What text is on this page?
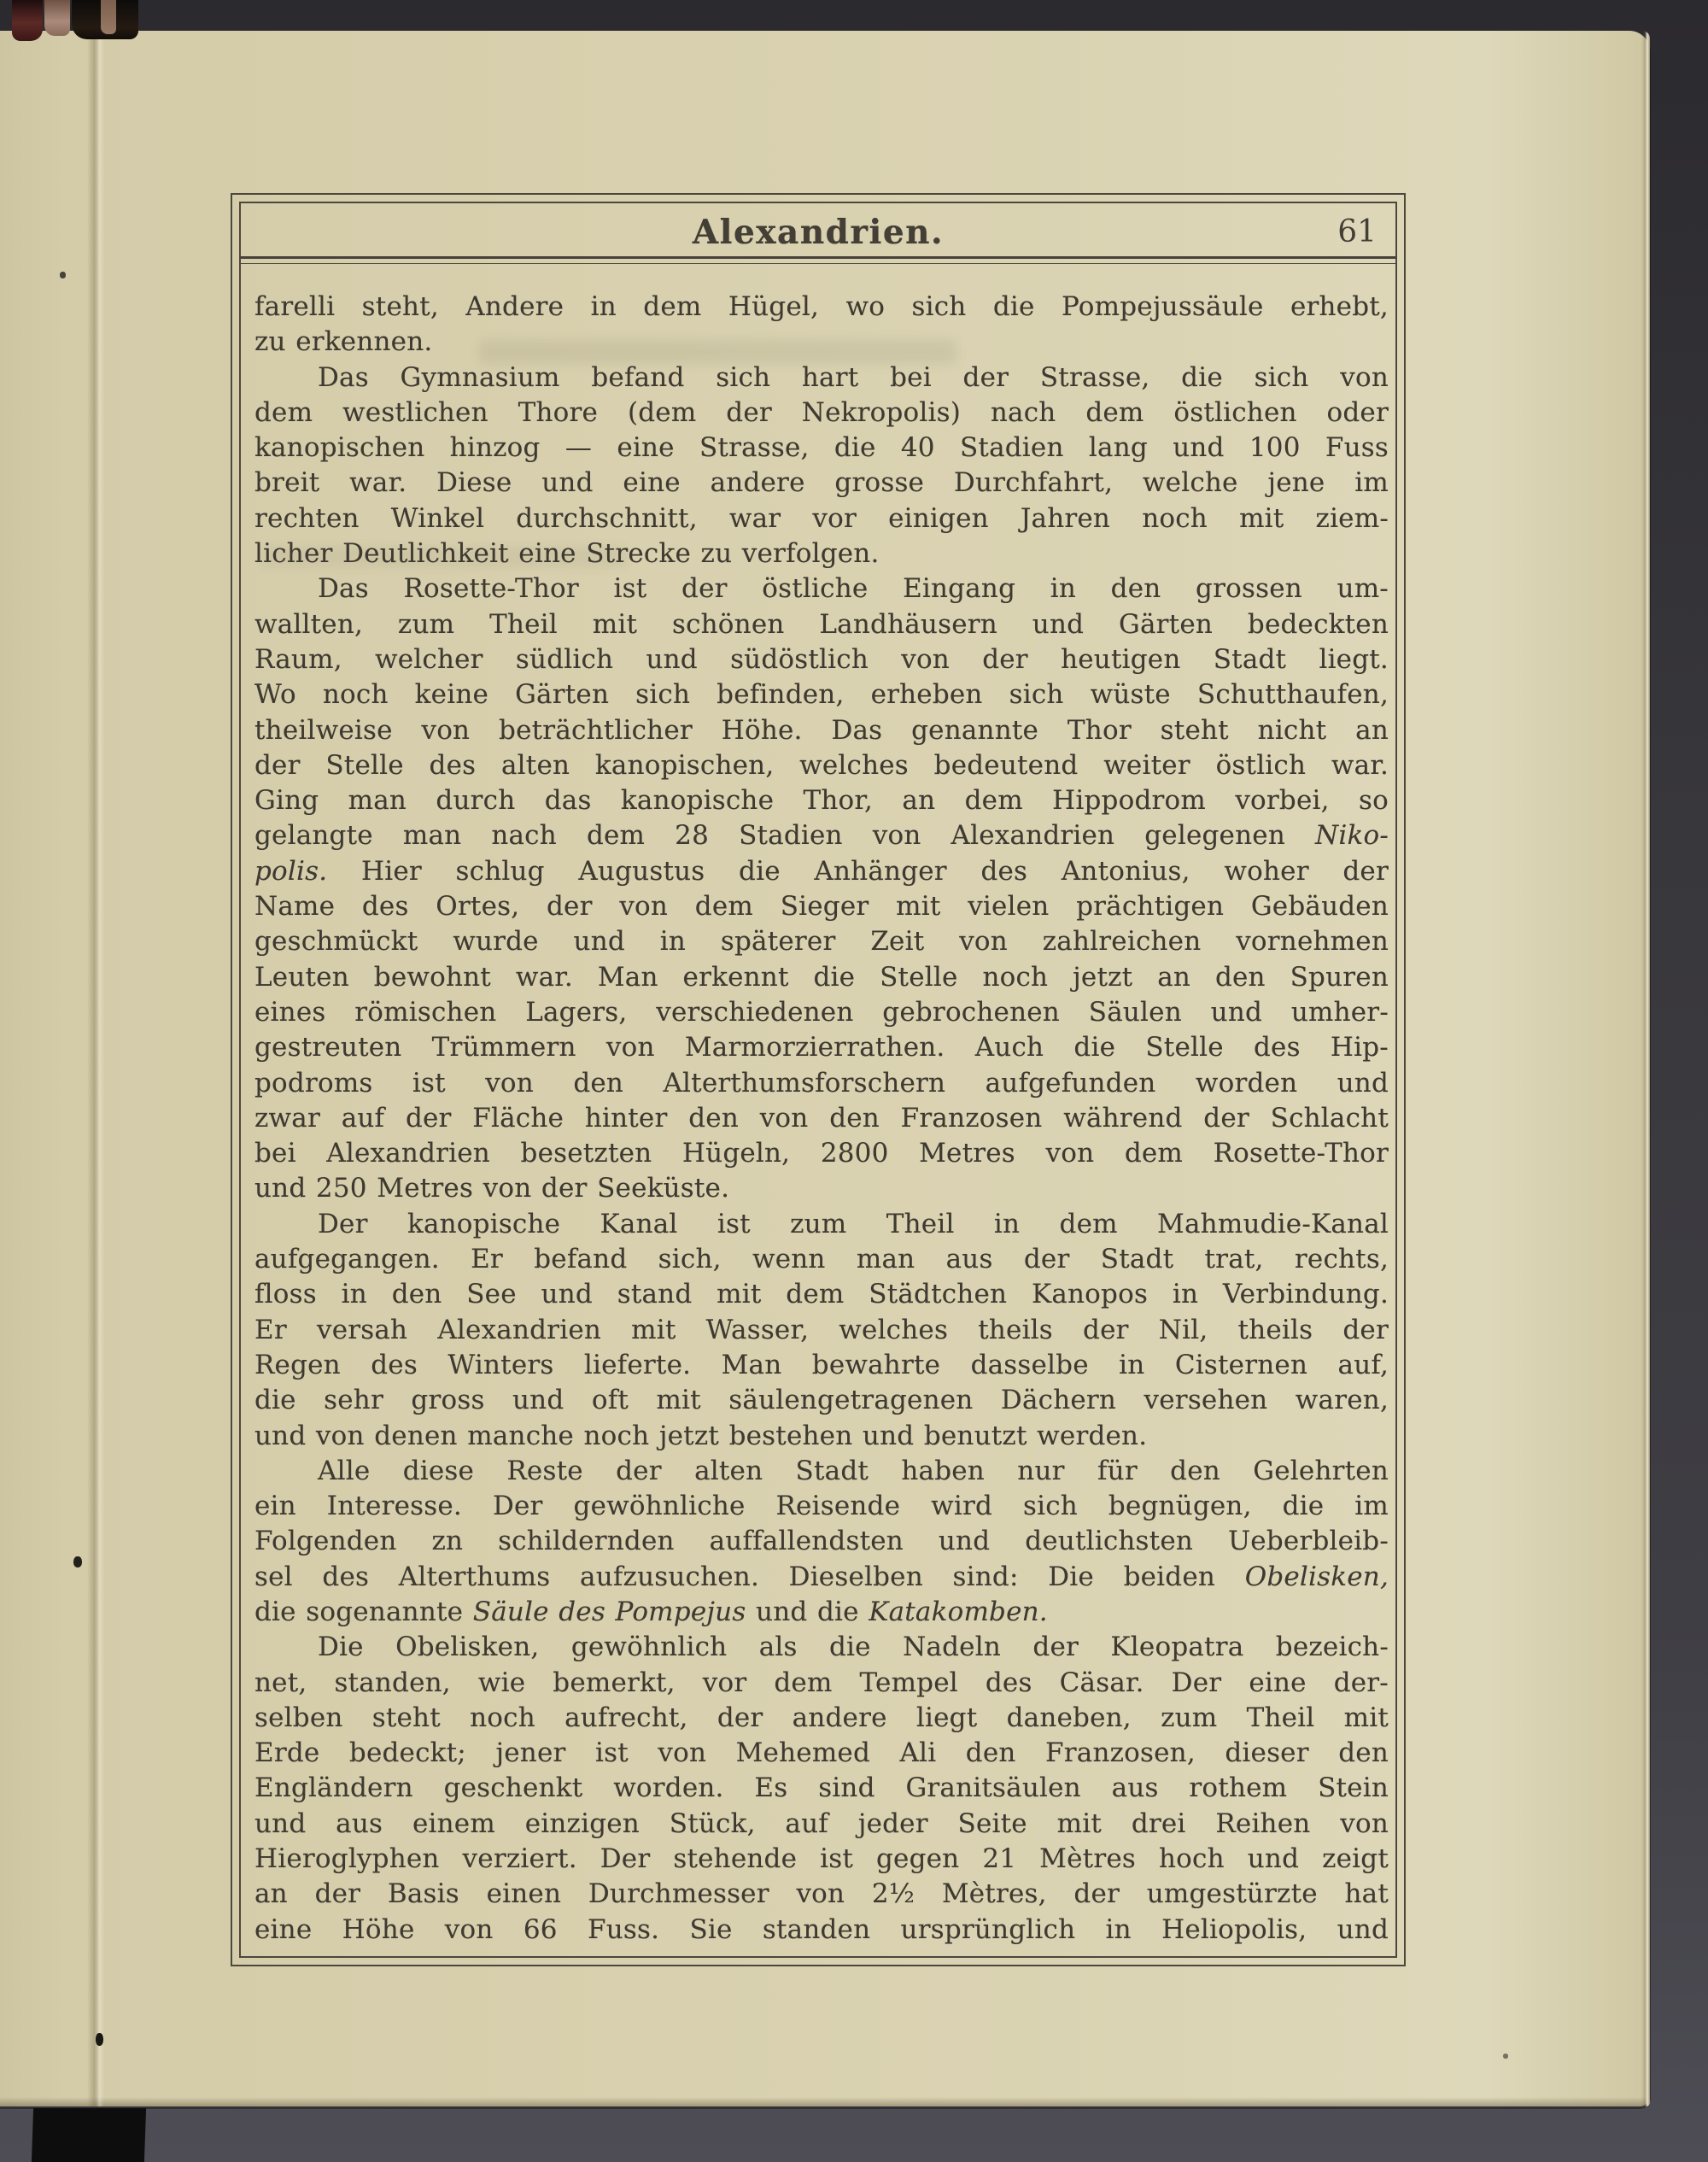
Alexandrien.	61
farelli steht, Andere in dem Hügel, wo sich die Pompejussäule erhebt,
zu erkennen.
Das Gymnasium befand sich hart bei der Strasse, die sich von
dem westlichen Thore (dem der Nekropolis) nach dem östlichen oder
kanopischen hinzog — eine Strasse, die 40 Stadien lang und 100 Fuss
breit war. Diese und eine andere grosse Durchfahrt, welche jene im
rechten Winkel durchschnitt, war vor einigen Jahren noch mit ziem-
licher Deutlichkeit eine Strecke zu verfolgen.
Das Rosette-Thor ist der östliche Eingang in den grossen um-
wallten, zum Theil mit schönen Landhäusern und Gärten bedeckten
Raum, welcher südlich und südöstlich von der heutigen Stadt liegt.
Wo noch keine Gärten sich befinden, erheben sich wüste Schutthaufen,
theilweise von beträchtlicher Höhe. Das genannte Thor steht nicht an
der Stelle des alten kanopischen, welches bedeutend weiter östlich war.
Ging man durch das kanopische Thor, an dem Hippodrom vorbei, so
gelangte man nach dem 28 Stadien von Alexandrien gelegenen Niko-
polis. Hier schlug Augustus die Anhänger des Antonius, woher der
Name des Ortes, der von dem Sieger mit vielen prächtigen Gebäuden
geschmückt wurde und in späterer Zeit von zahlreichen vornehmen
Leuten bewohnt war. Man erkennt die Stelle noch jetzt an den Spuren
eines römischen Lagers, verschiedenen gebrochenen Säulen und umher-
gestreuten Trümmern von Marmorzierrathen. Auch die Stelle des Hip-
podroms ist von den Alterthumsforschern aufgefunden worden und
zwar auf der Fläche hinter den von den Franzosen während der Schlacht
bei Alexandrien besetzten Hügeln, 2800 Metres von dem Rosette-Thor
und 250 Metres von der Seeküste.
Der kanopische Kanal ist zum Theil in dem Mahmudie-Kanal
aufgegangen. Er befand sich, wenn man aus der Stadt trat, rechts,
floss in den See und stand mit dem Städtchen Kanopos in Verbindung.
Er versah Alexandrien mit Wasser, welches theils der Nil, theils der
Regen des Winters lieferte. Man bewahrte dasselbe in Cisternen auf,
die sehr gross und oft mit säulengetragenen Dächern versehen waren,
und von denen manche noch jetzt bestehen und benutzt werden.
Alle diese Reste der alten Stadt haben nur für den Gelehrten
ein Interesse. Der gewöhnliche Reisende wird sich begnügen, die im
Folgenden zn schildernden auffallendsten und deutlichsten Ueberbleib-
sel des Alterthums aufzusuchen. Dieselben sind: Die beiden Obelisken,
die sogenannte Säule des Pompejus und die Katakomben.
Die Obelisken, gewöhnlich als die Nadeln der Kleopatra bezeich-
net, standen, wie bemerkt, vor dem Tempel des Cäsar. Der eine der-
selben steht noch aufrecht, der andere liegt daneben, zum Theil mit
Erde bedeckt; jener ist von Mehemed Ali den Franzosen, dieser den
Engländern geschenkt worden. Es sind Granitsäulen aus rothem Stein
und aus einem einzigen Stück, auf jeder Seite mit drei Reihen von
Hieroglyphen verziert. Der stehende ist gegen 21 Mètres hoch und zeigt
an der Basis einen Durchmesser von 2½ Mètres, der umgestürzte hat
eine Höhe von 66 Fuss. Sie standen ursprünglich in Heliopolis, und
